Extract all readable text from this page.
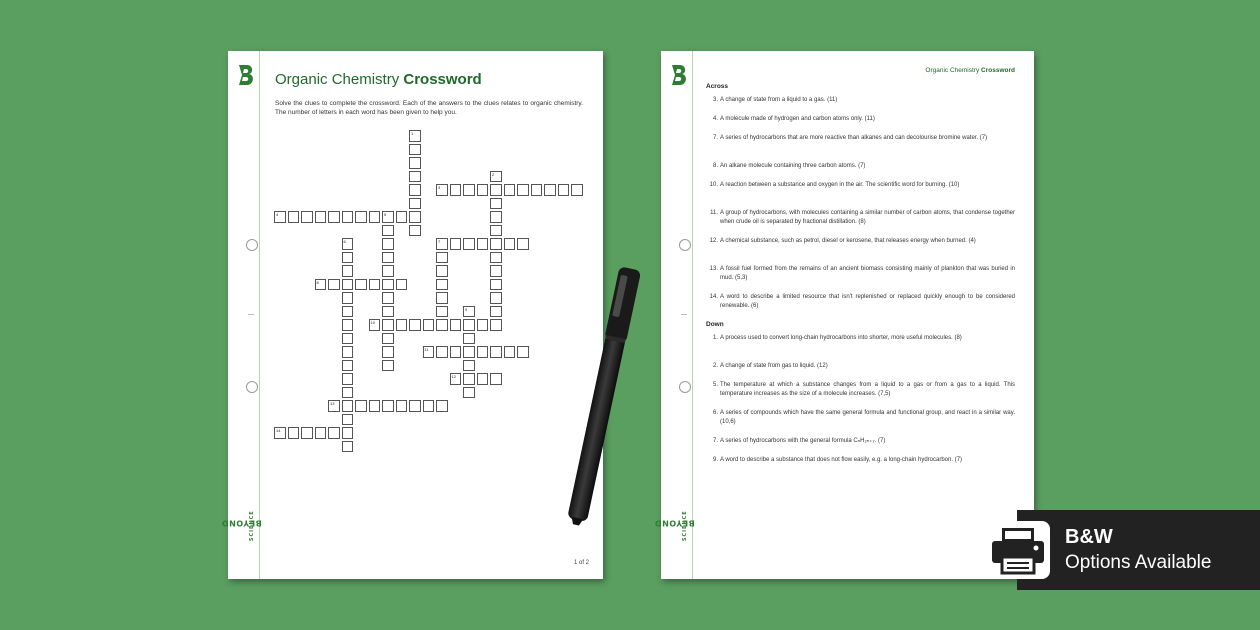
BEYOND
SCIENCE
Organic Chemistry Crossword
Solve the clues to complete the crossword. Each of the answers to the clues relates to organic chemistry. The number of letters in each word has been given to help you.
1
2
3
4	5
6	7
8
9
10
11
12
13
14
1 of 2
BEYOND
SCIENCE
Organic Chemistry Crossword
Across
3. A change of state from a liquid to a gas. (11)
4. A molecule made of hydrogen and carbon atoms only. (11)
7. A series of hydrocarbons that are more reactive than alkanes and can decolourise bromine water. (7)
8. An alkane molecule containing three carbon atoms. (7)
10. A reaction between a substance and oxygen in the air. The scientific word for burning. (10)
11. A group of hydrocarbons, with molecules containing a similar number of carbon atoms, that condense together when crude oil is separated by fractional distillation. (8)
12. A chemical substance, such as petrol, diesel or kerosene, that releases energy when burned. (4)
13. A fossil fuel formed from the remains of an ancient biomass consisting mainly of plankton that was buried in mud. (5,3)
14. A word to describe a limited resource that isn't replenished or replaced quickly enough to be considered renewable. (6)
Down
1. A process used to convert long-chain hydrocarbons into shorter, more useful molecules. (8)
2. A change of state from gas to liquid. (12)
5. The temperature at which a substance changes from a liquid to a gas or from a gas to a liquid. This temperature increases as the size of a molecule increases. (7,5)
6. A series of compounds which have the same general formula and functional group, and react in a similar way. (10,6)
7. A series of hydrocarbons with the general formula CₙH₂ₙ₊₂. (7)
9. A word to describe a substance that does not flow easily, e.g. a long-chain hydrocarbon. (7)
B&W
Options Available
